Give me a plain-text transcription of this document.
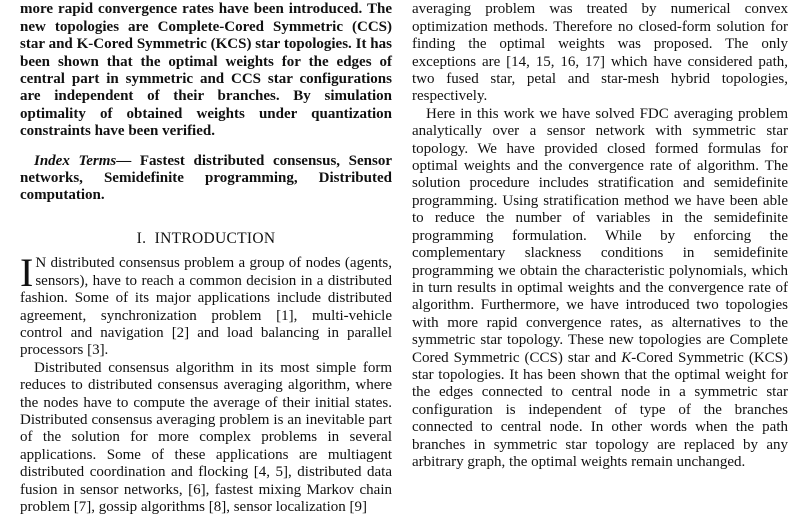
more rapid convergence rates have been introduced. The new topologies are Complete-Cored Symmetric (CCS) star and K-Cored Symmetric (KCS) star topologies. It has been shown that the optimal weights for the edges of central part in symmetric and CCS star configurations are independent of their branches. By simulation optimality of obtained weights under quantization constraints have been verified.

Index Terms— Fastest distributed consensus, Sensor networks, Semidefinite programming, Distributed computation.

I. INTRODUCTION

I N distributed consensus problem a group of nodes (agents, sensors), have to reach a common decision in a distributed fashion. Some of its major applications include distributed agreement, synchronization problem [1], multi-vehicle control and navigation [2] and load balancing in parallel processors [3].

Distributed consensus algorithm in its most simple form reduces to distributed consensus averaging algorithm, where the nodes have to compute the average of their initial states. Distributed consensus averaging problem is an inevitable part of the solution for more complex problems in several applications. Some of these applications are multiagent distributed coordination and flocking [4, 5], distributed data fusion in sensor networks, [6], fastest mixing Markov chain problem [7], gossip algorithms [8], sensor localization [9]

averaging problem was treated by numerical convex optimization methods. Therefore no closed-form solution for finding the optimal weights was proposed. The only exceptions are [14, 15, 16, 17] which have considered path, two fused star, petal and star-mesh hybrid topologies, respectively.

Here in this work we have solved FDC averaging problem analytically over a sensor network with symmetric star topology. We have provided closed formed formulas for optimal weights and the convergence rate of algorithm. The solution procedure includes stratification and semidefinite programming. Using stratification method we have been able to reduce the number of variables in the semidefinite programming formulation. While by enforcing the complementary slackness conditions in semidefinite programming we obtain the characteristic polynomials, which in turn results in optimal weights and the convergence rate of algorithm. Furthermore, we have introduced two topologies with more rapid convergence rates, as alternatives to the symmetric star topology. These new topologies are Complete Cored Symmetric (CCS) star and K-Cored Symmetric (KCS) star topologies. It has been shown that the optimal weight for the edges connected to central node in a symmetric star configuration is independent of type of the branches connected to central node. In other words when the path branches in symmetric star topology are replaced by any arbitrary graph, the optimal weights remain unchanged.
